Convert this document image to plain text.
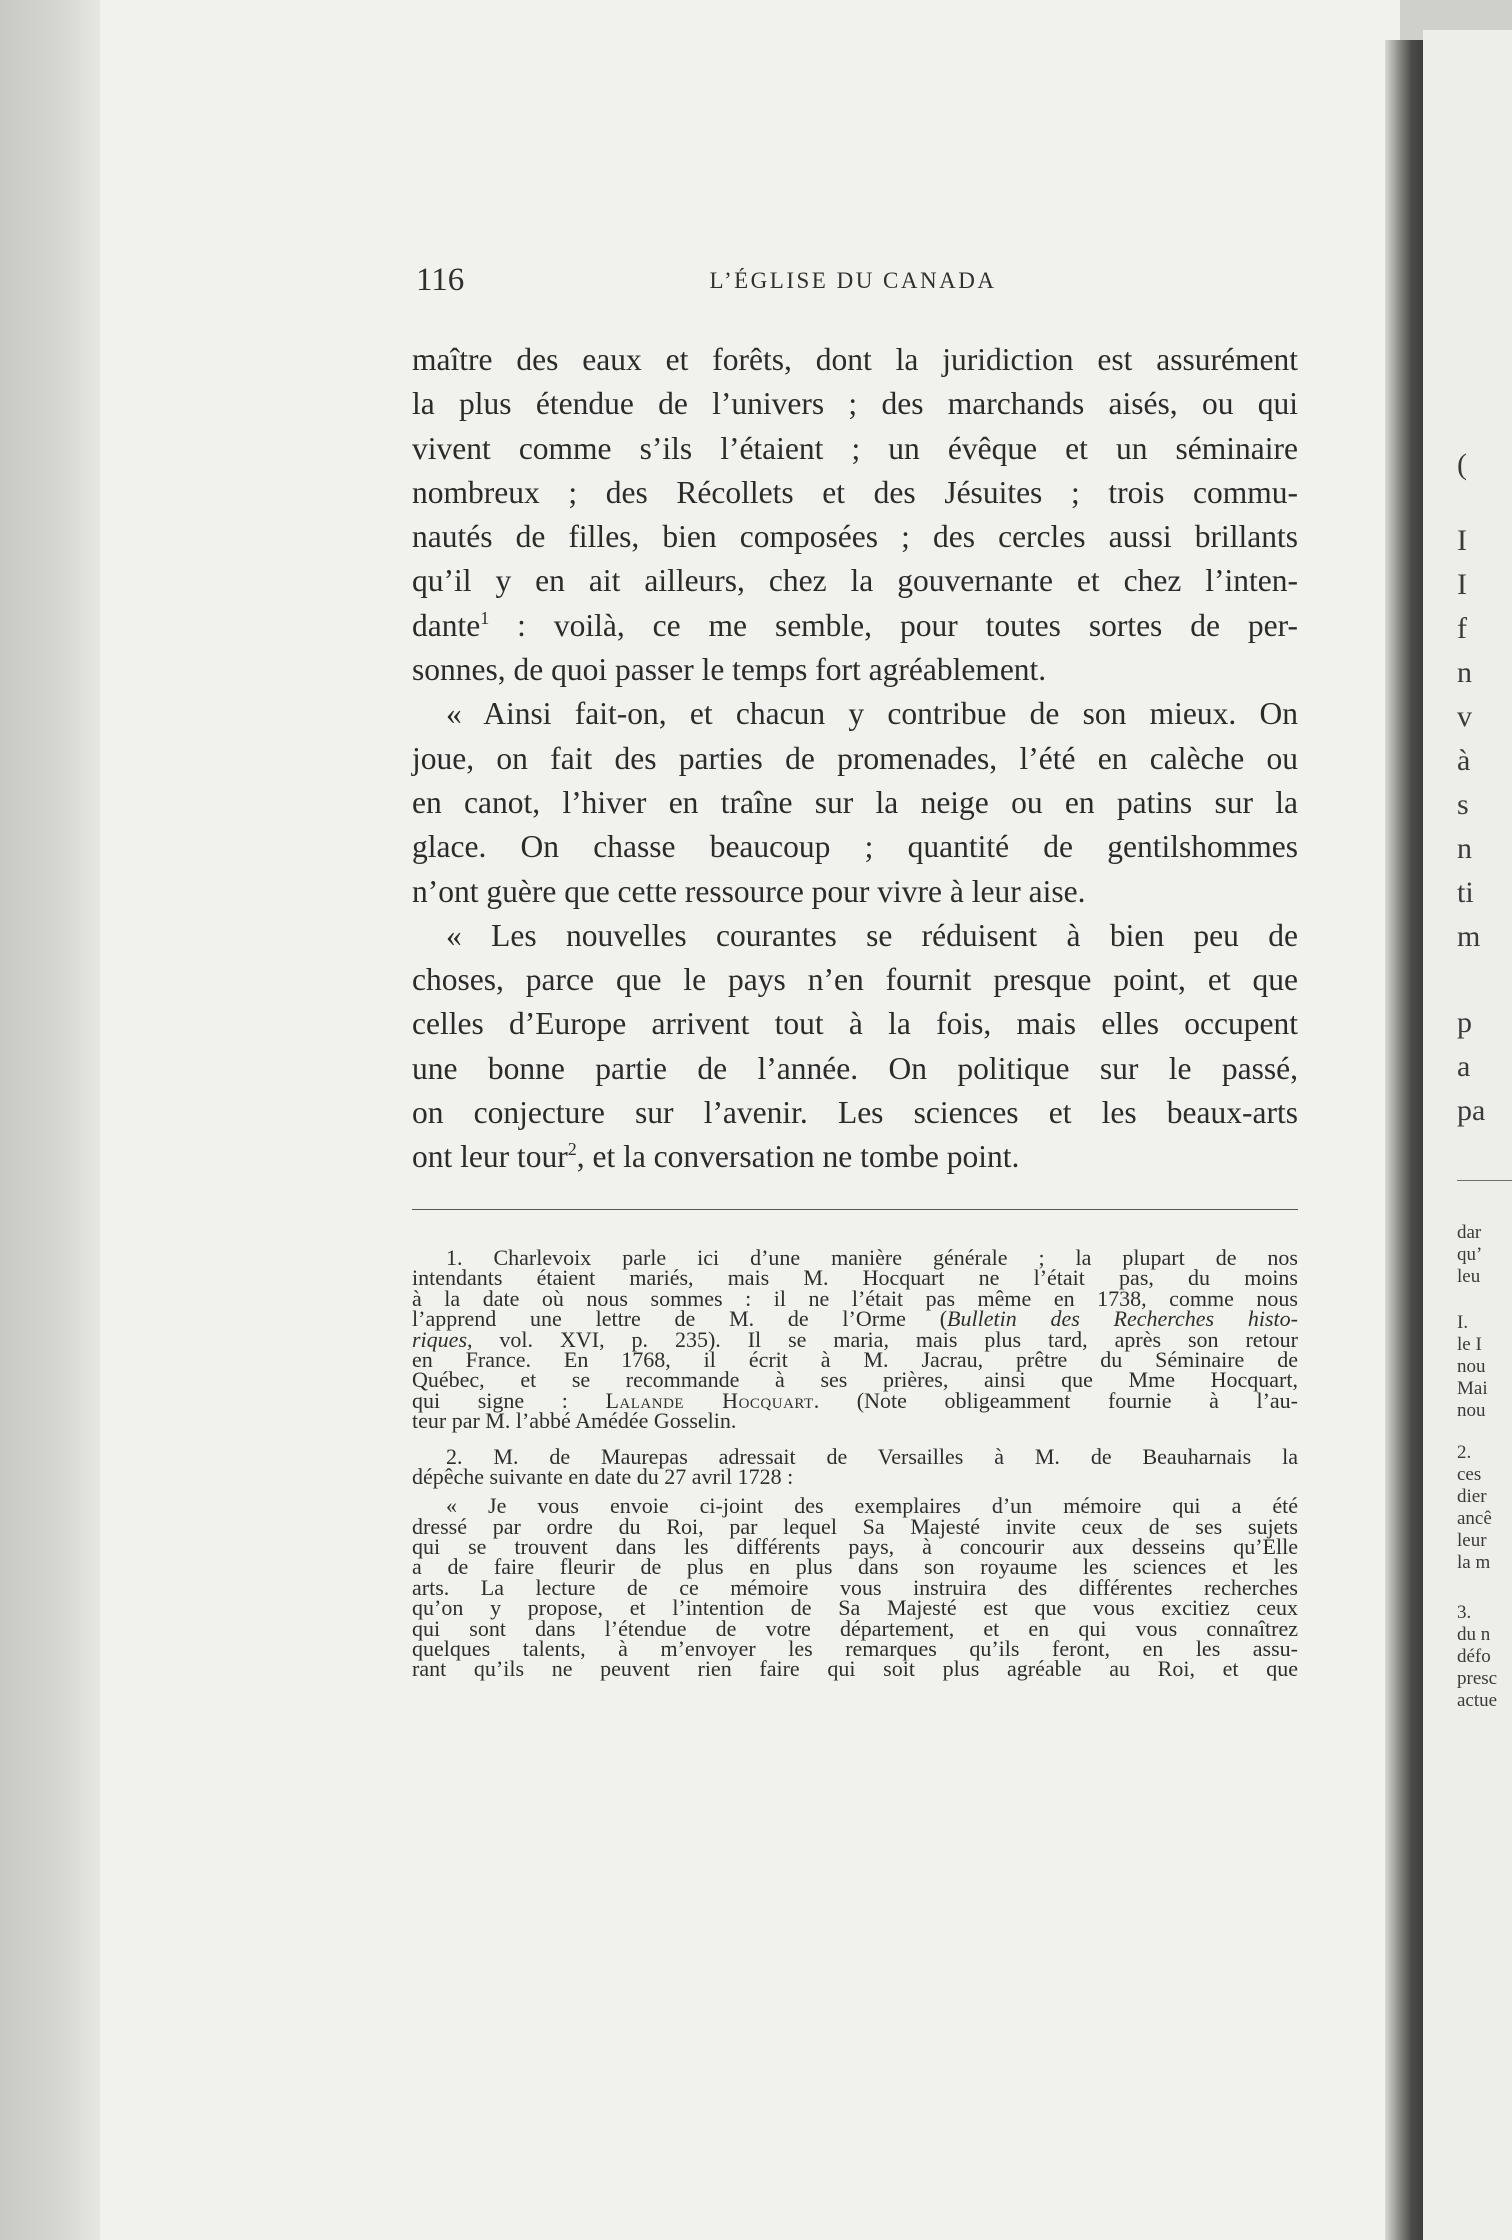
116	L’ÉGLISE DU CANADA
maître des eaux et forêts, dont la juridiction est assurément
la plus étendue de l’univers ; des marchands aisés, ou qui
vivent comme s’ils l’étaient ; un évêque et un séminaire
nombreux ; des Récollets et des Jésuites ; trois commu-
nautés de filles, bien composées ; des cercles aussi brillants
qu’il y en ait ailleurs, chez la gouvernante et chez l’inten-
dante$^1$ : voilà, ce me semble, pour toutes sortes de per-
sonnes, de quoi passer le temps fort agréablement.
« Ainsi fait-on, et chacun y contribue de son mieux. On
joue, on fait des parties de promenades, l’été en calèche ou
en canot, l’hiver en traîne sur la neige ou en patins sur la
glace. On chasse beaucoup ; quantité de gentilshommes
n’ont guère que cette ressource pour vivre à leur aise.
« Les nouvelles courantes se réduisent à bien peu de
choses, parce que le pays n’en fournit presque point, et que
celles d’Europe arrivent tout à la fois, mais elles occupent
une bonne partie de l’année. On politique sur le passé,
on conjecture sur l’avenir. Les sciences et les beaux-arts
ont leur tour$^2$, et la conversation ne tombe point.
1. Charlevoix parle ici d’une manière générale ; la plupart de nos
intendants étaient mariés, mais M. Hocquart ne l’était pas, du moins
à la date où nous sommes : il ne l’était pas même en 1738, comme nous
l’apprend une lettre de M. de l’Orme (Bulletin des Recherches histo-
riques, vol. XVI, p. 235). Il se maria, mais plus tard, après son retour
en France. En 1768, il écrit à M. Jacrau, prêtre du Séminaire de
Québec, et se recommande à ses prières, ainsi que Mme Hocquart,
qui signe : Lalande Hocquart. (Note obligeamment fournie à l’au-
teur par M. l’abbé Amédée Gosselin.
2. M. de Maurepas adressait de Versailles à M. de Beauharnais la
dépêche suivante en date du 27 avril 1728 :
« Je vous envoie ci-joint des exemplaires d’un mémoire qui a été
dressé par ordre du Roi, par lequel Sa Majesté invite ceux de ses sujets
qui se trouvent dans les différents pays, à concourir aux desseins qu’Elle
a de faire fleurir de plus en plus dans son royaume les sciences et les
arts. La lecture de ce mémoire vous instruira des différentes recherches
qu’on y propose, et l’intention de Sa Majesté est que vous excitiez ceux
qui sont dans l’étendue de votre département, et en qui vous connaîtrez
quelques talents, à m’envoyer les remarques qu’ils feront, en les assu-
rant qu’ils ne peuvent rien faire qui soit plus agréable au Roi, et que
(
I
I
f
n
v
à
s
n
ti
m
p
a
pa
dar
qu’
leu
I.
le I
nou
Mai
nou
2.
ces
dier
ancê
leur
la m
3.
du n
défo
presc
actue
